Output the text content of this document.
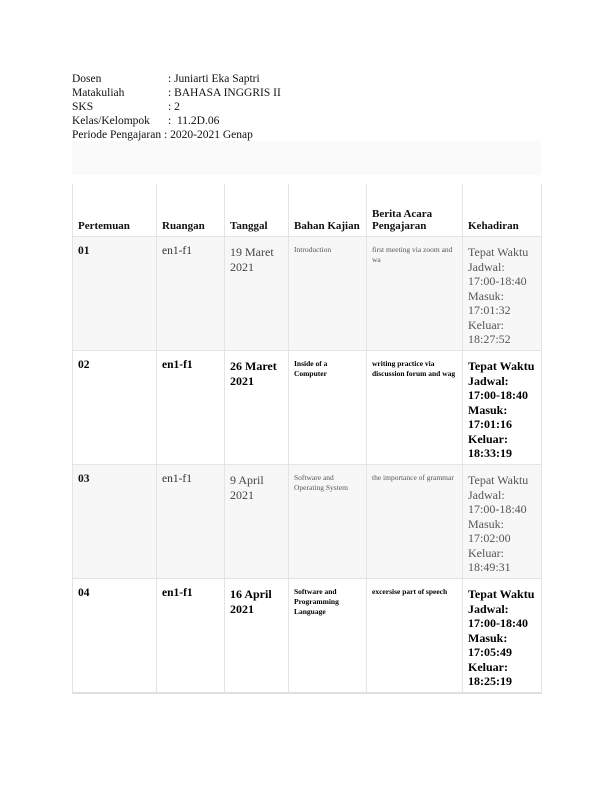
Dosen	: Juniarti Eka Saptri
Matakuliah	: BAHASA INGGRIS II
SKS	: 2
Kelas/Kelompok	:  11.2D.06
Periode Pengajaran : 2020-2021 Genap
Pertemuan	Ruangan	Tanggal	Bahan Kajian	Berita Acara Pengajaran	Kehadiran
01	en1-f1	19 Maret 2021	Introduction	first meeting via zoom and wa	Tepat Waktu
Jadwal: 17:00-18:40
Masuk: 17:01:32
Keluar: 18:27:52

02	en1-f1	26 Maret 2021	Inside of a Computer	writing practice via discussion forum and wag	Tepat Waktu
Jadwal: 17:00-18:40
Masuk: 17:01:16
Keluar: 18:33:19

03	en1-f1	9 April 2021	Software and Operating System	the importance of grammar	Tepat Waktu
Jadwal: 17:00-18:40
Masuk: 17:02:00
Keluar: 18:49:31

04	en1-f1	16 April 2021	Software and Programming Language	excersise part of speech	Tepat Waktu
Jadwal: 17:00-18:40
Masuk: 17:05:49
Keluar: 18:25:19
